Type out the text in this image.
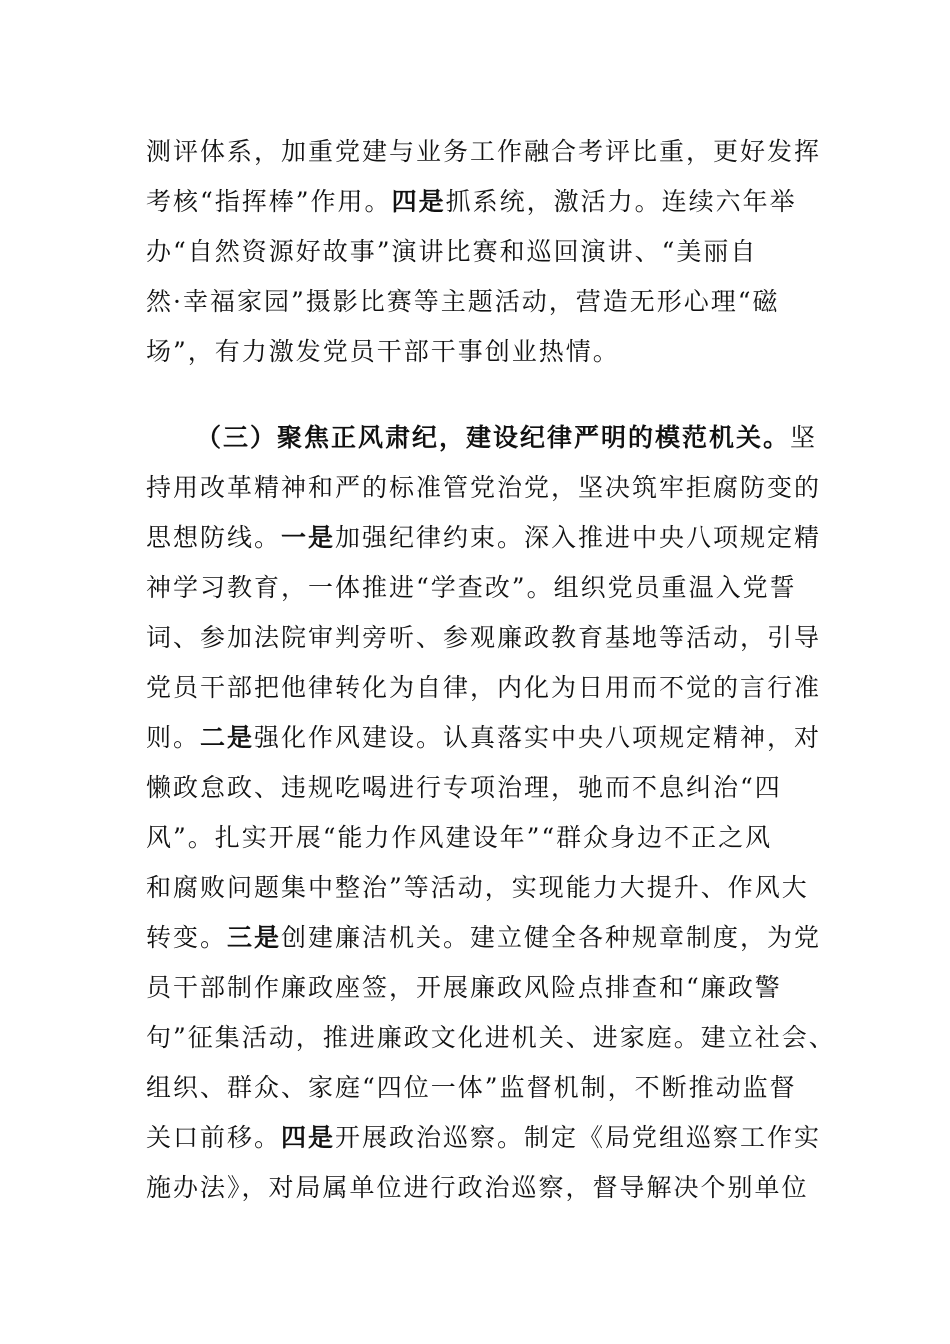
测评体系，加重党建与业务工作融合考评比重，更好发挥
考核“指挥棒”作用。四是抓系统，激活力。连续六年举
办“自然资源好故事”演讲比赛和巡回演讲、“美丽自
然·幸福家园”摄影比赛等主题活动，营造无形心理“磁
场”，有力激发党员干部干事创业热情。
（三）聚焦正风肃纪，建设纪律严明的模范机关。坚
持用改革精神和严的标准管党治党，坚决筑牢拒腐防变的
思想防线。一是加强纪律约束。深入推进中央八项规定精
神学习教育，一体推进“学查改”。组织党员重温入党誓
词、参加法院审判旁听、参观廉政教育基地等活动，引导
党员干部把他律转化为自律，内化为日用而不觉的言行准
则。二是强化作风建设。认真落实中央八项规定精神，对
懒政怠政、违规吃喝进行专项治理，驰而不息纠治“四
风”。扎实开展“能力作风建设年”“群众身边不正之风
和腐败问题集中整治”等活动，实现能力大提升、作风大
转变。三是创建廉洁机关。建立健全各种规章制度，为党
员干部制作廉政座签，开展廉政风险点排查和“廉政警
句”征集活动，推进廉政文化进机关、进家庭。建立社会、
组织、群众、家庭“四位一体”监督机制，不断推动监督
关口前移。四是开展政治巡察。制定《局党组巡察工作实
施办法》，对局属单位进行政治巡察，督导解决个别单位
